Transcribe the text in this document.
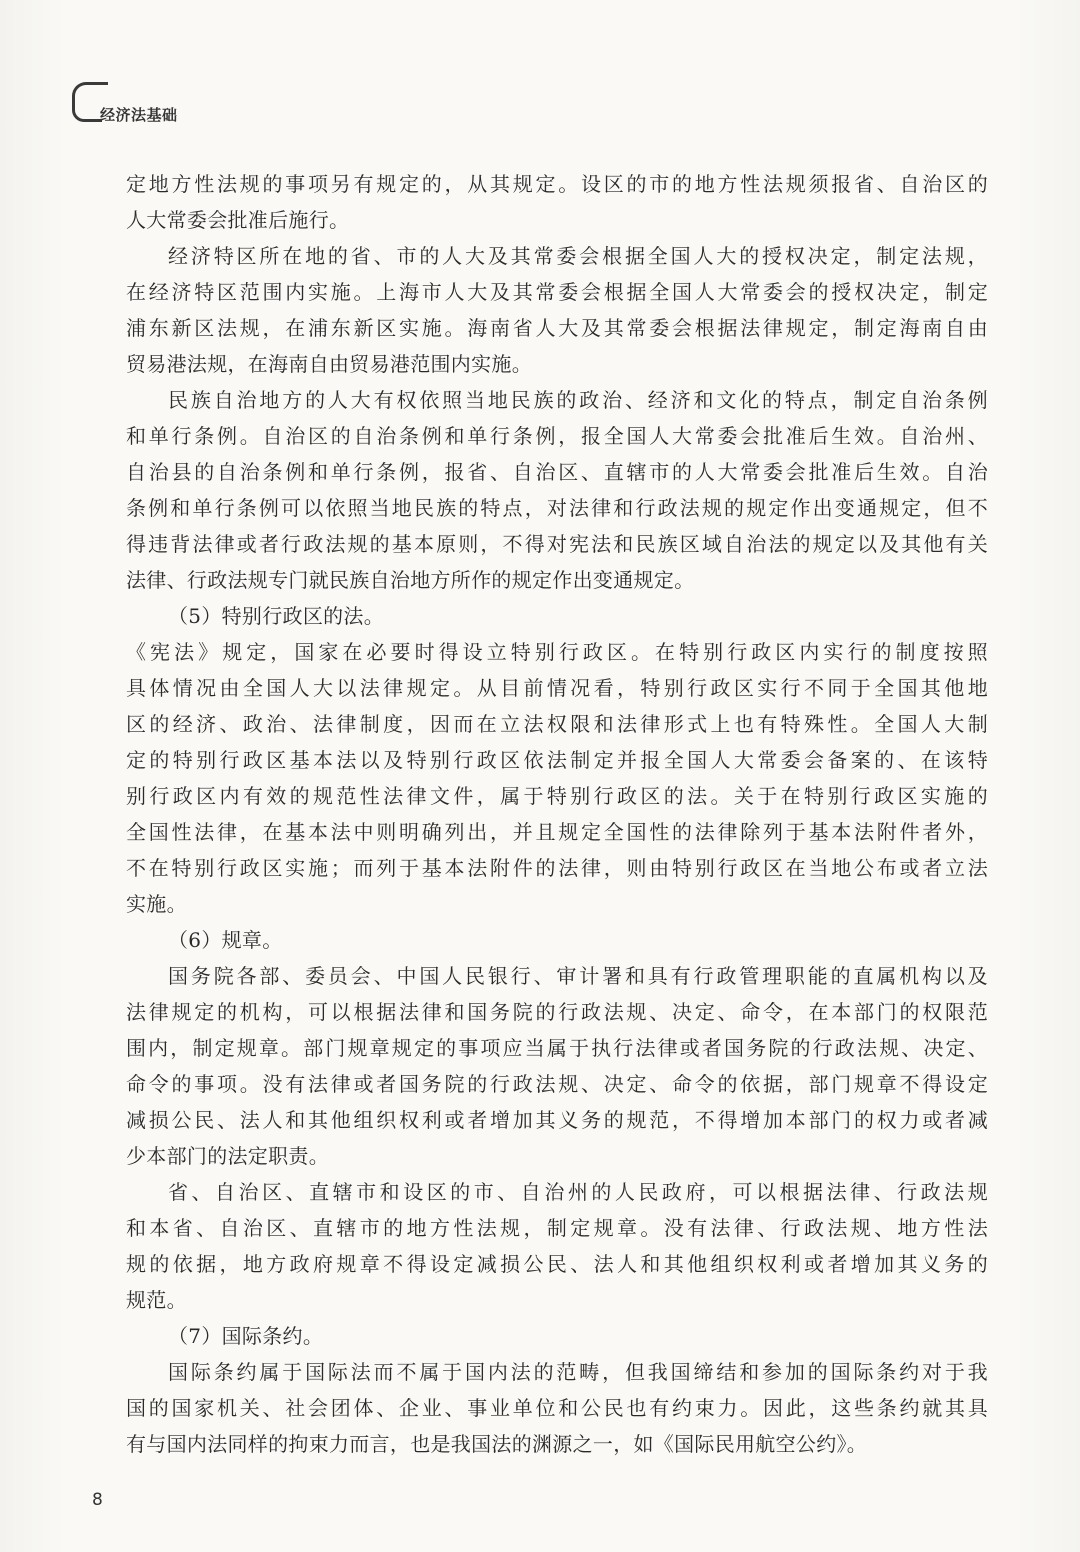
经济法基础
定地方性法规的事项另有规定的，从其规定。设区的市的地方性法规须报省、自治区的
人大常委会批准后施行。
经济特区所在地的省、市的人大及其常委会根据全国人大的授权决定，制定法规，
在经济特区范围内实施。上海市人大及其常委会根据全国人大常委会的授权决定，制定
浦东新区法规，在浦东新区实施。海南省人大及其常委会根据法律规定，制定海南自由
贸易港法规，在海南自由贸易港范围内实施。
民族自治地方的人大有权依照当地民族的政治、经济和文化的特点，制定自治条例
和单行条例。自治区的自治条例和单行条例，报全国人大常委会批准后生效。自治州、
自治县的自治条例和单行条例，报省、自治区、直辖市的人大常委会批准后生效。自治
条例和单行条例可以依照当地民族的特点，对法律和行政法规的规定作出变通规定，但不
得违背法律或者行政法规的基本原则，不得对宪法和民族区域自治法的规定以及其他有关
法律、行政法规专门就民族自治地方所作的规定作出变通规定。
（5）特别行政区的法。
《宪法》规定，国家在必要时得设立特别行政区。在特别行政区内实行的制度按照
具体情况由全国人大以法律规定。从目前情况看，特别行政区实行不同于全国其他地
区的经济、政治、法律制度，因而在立法权限和法律形式上也有特殊性。全国人大制
定的特别行政区基本法以及特别行政区依法制定并报全国人大常委会备案的、在该特
别行政区内有效的规范性法律文件，属于特别行政区的法。关于在特别行政区实施的
全国性法律，在基本法中则明确列出，并且规定全国性的法律除列于基本法附件者外，
不在特别行政区实施；而列于基本法附件的法律，则由特别行政区在当地公布或者立法
实施。
（6）规章。
国务院各部、委员会、中国人民银行、审计署和具有行政管理职能的直属机构以及
法律规定的机构，可以根据法律和国务院的行政法规、决定、命令，在本部门的权限范
围内，制定规章。部门规章规定的事项应当属于执行法律或者国务院的行政法规、决定、
命令的事项。没有法律或者国务院的行政法规、决定、命令的依据，部门规章不得设定
减损公民、法人和其他组织权利或者增加其义务的规范，不得增加本部门的权力或者减
少本部门的法定职责。
省、自治区、直辖市和设区的市、自治州的人民政府，可以根据法律、行政法规
和本省、自治区、直辖市的地方性法规，制定规章。没有法律、行政法规、地方性法
规的依据，地方政府规章不得设定减损公民、法人和其他组织权利或者增加其义务的
规范。
（7）国际条约。
国际条约属于国际法而不属于国内法的范畴，但我国缔结和参加的国际条约对于我
国的国家机关、社会团体、企业、事业单位和公民也有约束力。因此，这些条约就其具
有与国内法同样的拘束力而言，也是我国法的渊源之一，如《国际民用航空公约》。
8
